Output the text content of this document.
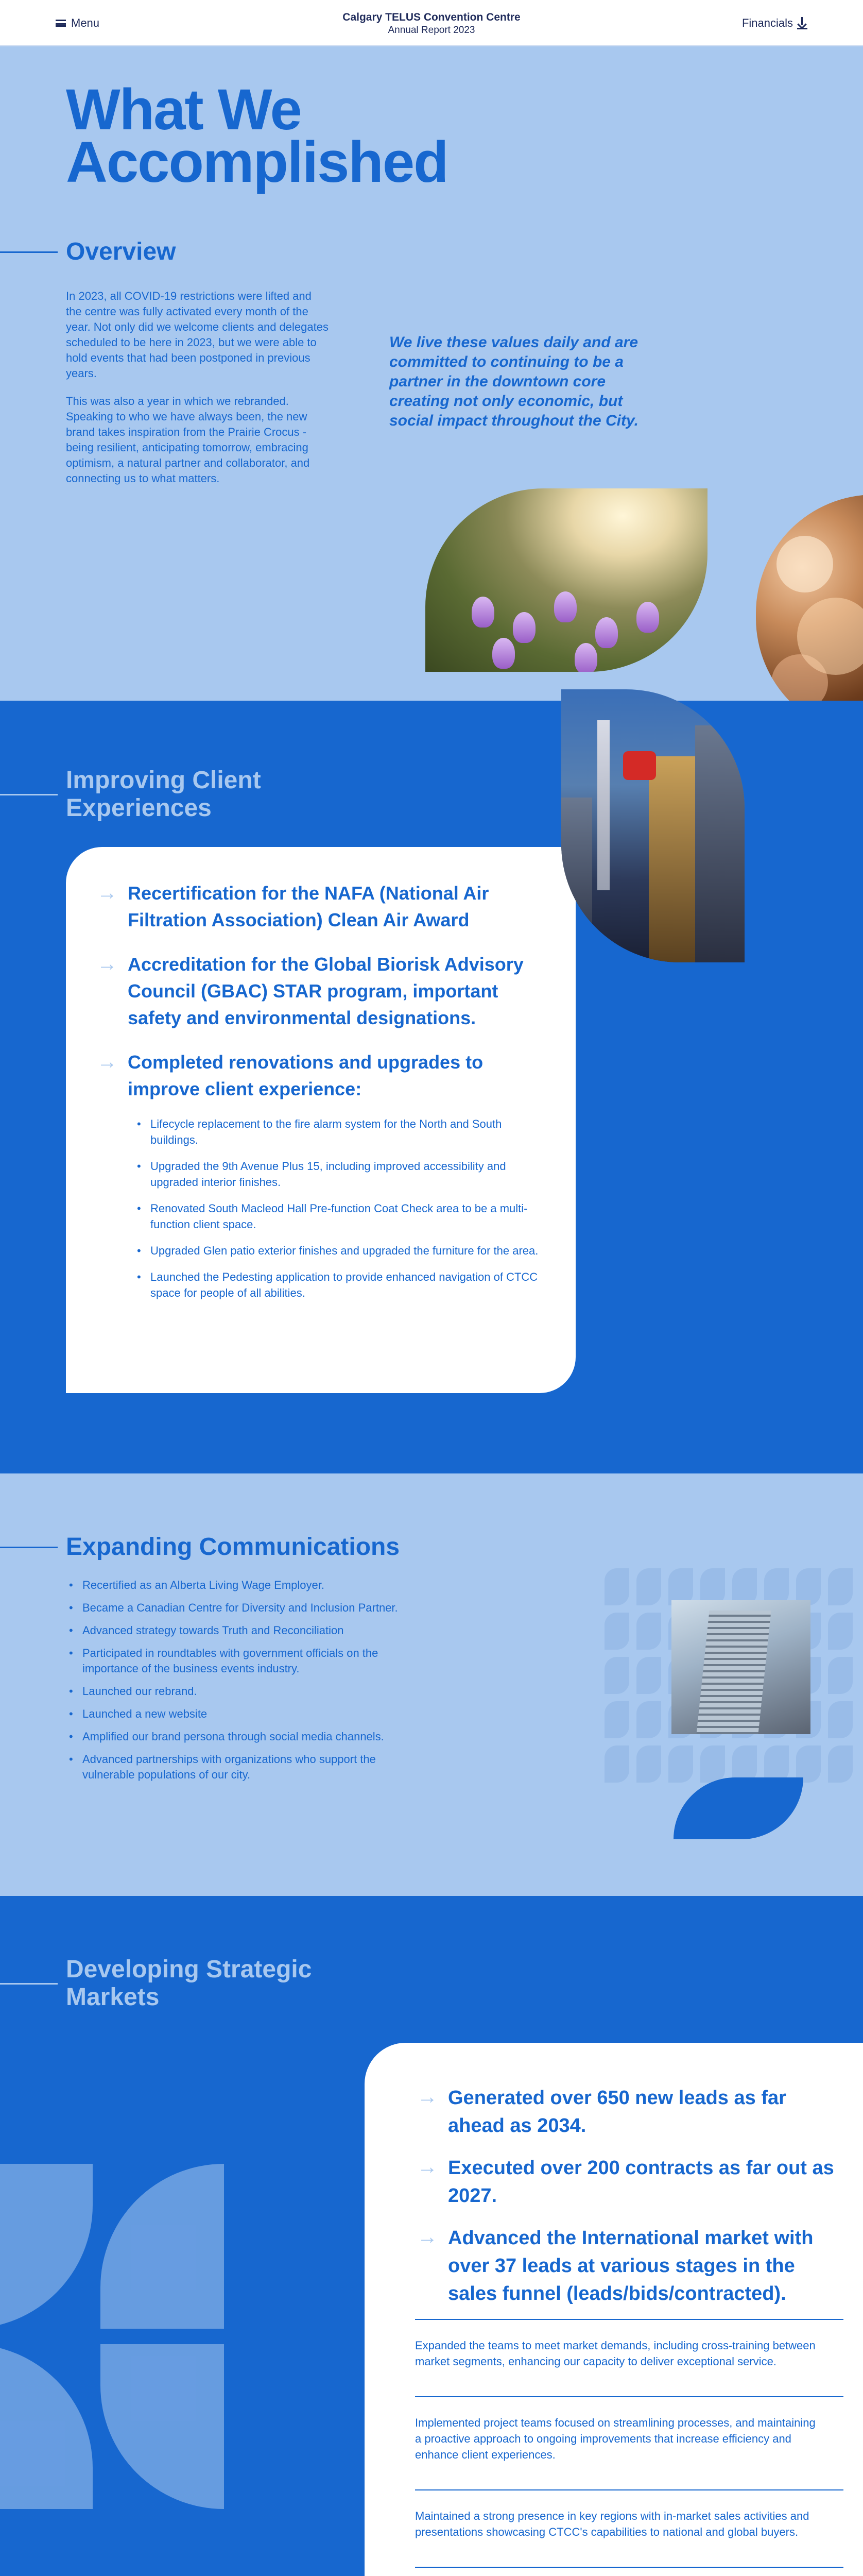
Menu	Calgary TELUS Convention Centre
Annual Report 2023
Financials
What We
Accomplished
Overview

In 2023, all COVID-19 restrictions were lifted and the centre was fully activated every month of the year. Not only did we welcome clients and delegates scheduled to be here in 2023, but we were able to hold events that had been postponed in previous years.

This was also a year in which we rebranded. Speaking to who we have always been, the new brand takes inspiration from the Prairie Crocus - being resilient, anticipating tomorrow, embracing optimism, a natural partner and collaborator, and connecting us to what matters.

We live these values daily and are committed to continuing to be a partner in the downtown core creating not only economic, but social impact throughout the City.
Improving Client
Experiences
→ Recertification for the NAFA (National Air Filtration Association) Clean Air Award
→ Accreditation for the Global Biorisk Advisory Council (GBAC) STAR program, important safety and environmental designations.
→ Completed renovations and upgrades to improve client experience:
• Lifecycle replacement to the fire alarm system for the North and South buildings.
• Upgraded the 9th Avenue Plus 15, including improved accessibility and upgraded interior finishes.
• Renovated South Macleod Hall Pre-function Coat Check area to be a multi-function client space.
• Upgraded Glen patio exterior finishes and upgraded the furniture for the area.
• Launched the Pedesting application to provide enhanced navigation of CTCC space for people of all abilities.
Expanding Communications
• Recertified as an Alberta Living Wage Employer.
• Became a Canadian Centre for Diversity and Inclusion Partner.
• Advanced strategy towards Truth and Reconciliation
• Participated in roundtables with government officials on the importance of the business events industry.
• Launched our rebrand.
• Launched a new website
• Amplified our brand persona through social media channels.
• Advanced partnerships with organizations who support the vulnerable populations of our city.
Developing Strategic
Markets
→ Generated over 650 new leads as far ahead as 2034.
→ Executed over 200 contracts as far out as 2027.
→ Advanced the International market with over 37 leads at various stages in the sales funnel (leads/bids/contracted).
Expanded the teams to meet market demands, including cross-training between market segments, enhancing our capacity to deliver exceptional service.
Implemented project teams focused on streamlining processes, and maintaining a proactive approach to ongoing improvements that increase efficiency and enhance client experiences.
Maintained a strong presence in key regions with in-market sales activities and presentations showcasing CTCC's capabilities to national and global buyers.
